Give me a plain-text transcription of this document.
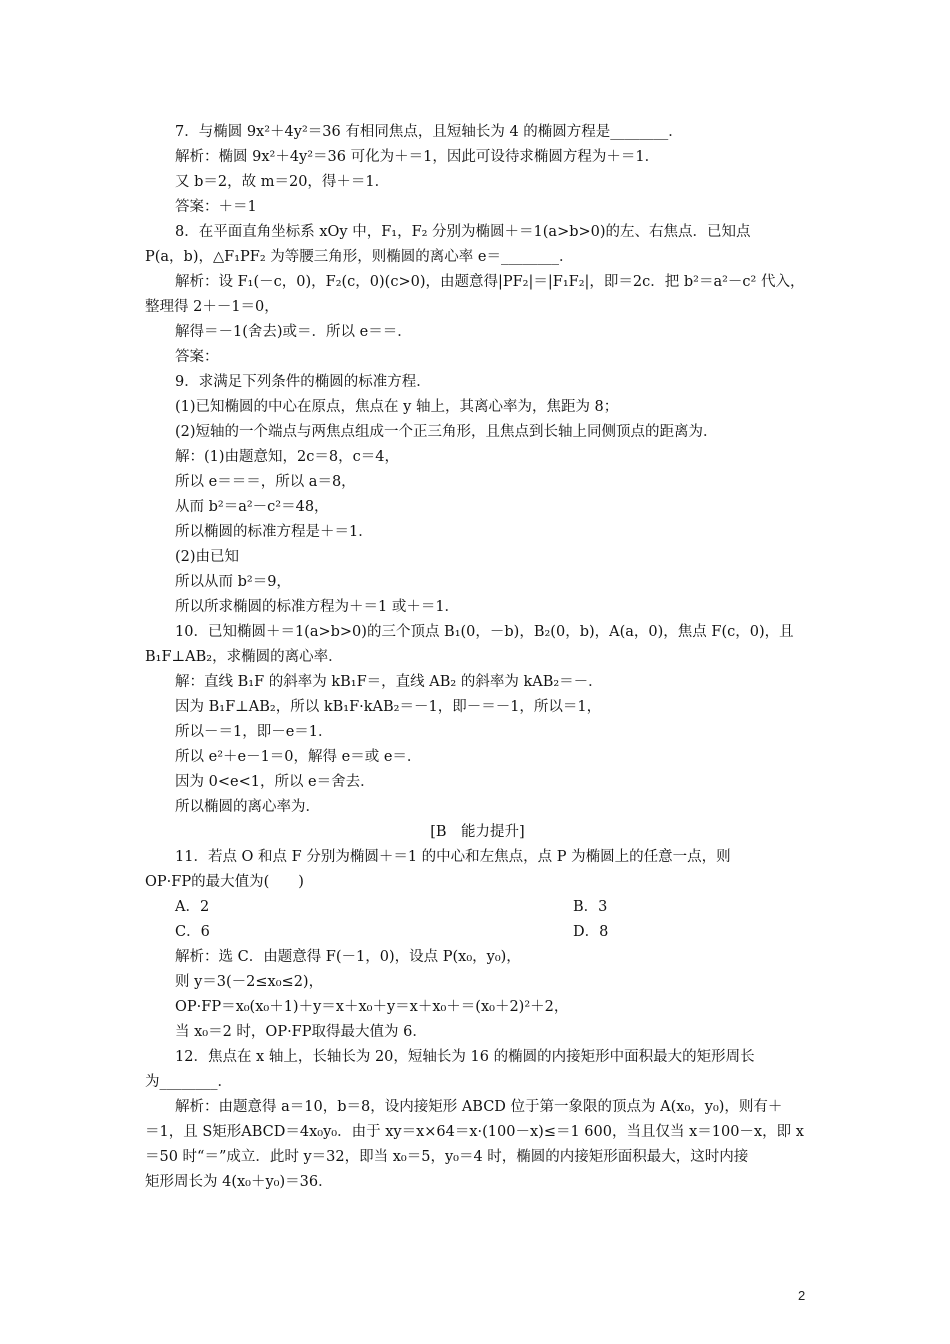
7．与椭圆 9x²＋4y²＝36 有相同焦点，且短轴长为 4 的椭圆方程是________．
解析：椭圆 9x²＋4y²＝36 可化为＋＝1，因此可设待求椭圆方程为＋＝1．
又 b＝2，故 m＝20，得＋＝1．
答案：＋＝1
8．在平面直角坐标系 xOy 中，F₁，F₂ 分别为椭圆＋＝1(a>b>0)的左、右焦点．已知点
P(a，b)，△F₁PF₂ 为等腰三角形，则椭圆的离心率 e＝________．
解析：设 F₁(－c，0)，F₂(c，0)(c>0)，由题意得|PF₂|＝|F₁F₂|，即＝2c．把 b²＝a²－c² 代入，
整理得 2＋－1＝0，
解得＝－1(舍去)或＝．所以 e＝＝．
答案：
9．求满足下列条件的椭圆的标准方程．
(1)已知椭圆的中心在原点，焦点在 y 轴上，其离心率为，焦距为 8；
(2)短轴的一个端点与两焦点组成一个正三角形，且焦点到长轴上同侧顶点的距离为．
解：(1)由题意知，2c＝8，c＝4，
所以 e＝＝＝，所以 a＝8，
从而 b²＝a²－c²＝48，
所以椭圆的标准方程是＋＝1．
(2)由已知
所以从而 b²＝9，
所以所求椭圆的标准方程为＋＝1 或＋＝1．
10．已知椭圆＋＝1(a>b>0)的三个顶点 B₁(0，－b)，B₂(0，b)，A(a，0)，焦点 F(c，0)，且
B₁F⊥AB₂，求椭圆的离心率．
解：直线 B₁F 的斜率为 kB₁F＝，直线 AB₂ 的斜率为 kAB₂＝－．
因为 B₁F⊥AB₂，所以 kB₁F·kAB₂＝－1，即－＝－1，所以＝1，
所以－＝1，即－e＝1．
所以 e²＋e－1＝0，解得 e＝或 e＝．
因为 0<e<1，所以 e＝舍去．
所以椭圆的离心率为．
[B　能力提升]
11．若点 O 和点 F 分别为椭圆＋＝1 的中心和左焦点，点 P 为椭圆上的任意一点，则
OP·FP的最大值为(　　)
A．2	B．3
C．6	D．8
解析：选 C．由题意得 F(－1，0)，设点 P(x₀，y₀)，
则 y＝3(－2≤x₀≤2)，
OP·FP＝x₀(x₀＋1)＋y＝x＋x₀＋y＝x＋x₀＋＝(x₀＋2)²＋2，
当 x₀＝2 时，OP·FP取得最大值为 6．
12．焦点在 x 轴上，长轴长为 20，短轴长为 16 的椭圆的内接矩形中面积最大的矩形周长
为________．
解析：由题意得 a＝10，b＝8，设内接矩形 ABCD 位于第一象限的顶点为 A(x₀，y₀)，则有＋
＝1，且 S矩形ABCD＝4x₀y₀．由于 xy＝x×64＝x·(100－x)≤＝1 600，当且仅当 x＝100－x，即 x
＝50 时“＝”成立．此时 y＝32，即当 x₀＝5，y₀＝4 时，椭圆的内接矩形面积最大，这时内接
矩形周长为 4(x₀＋y₀)＝36．
2
